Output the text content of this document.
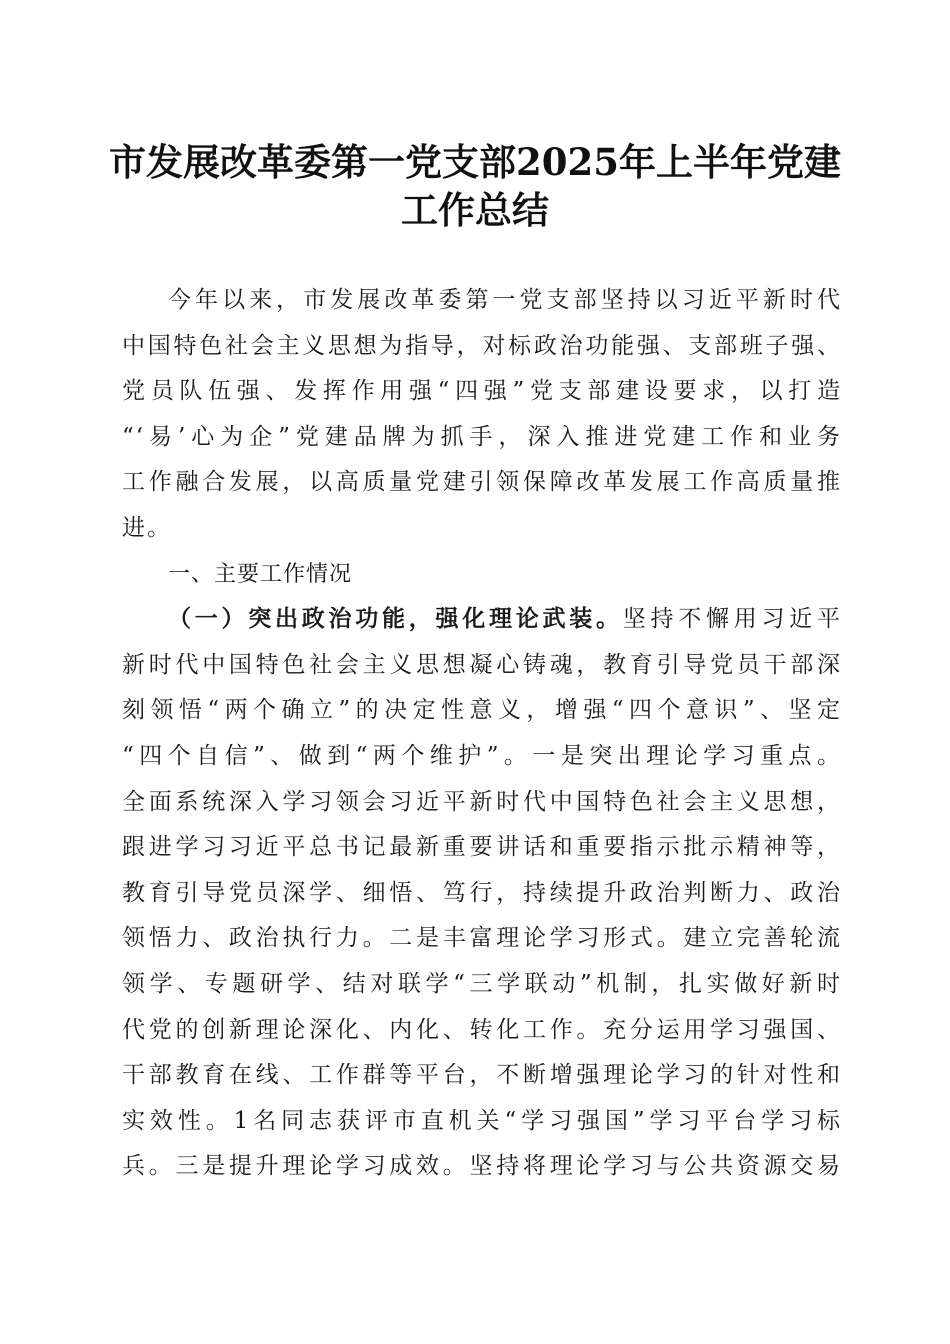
市发展改革委第一党支部2025年上半年党建
工作总结
今年以来，市发展改革委第一党支部坚持以习近平新时代
中国特色社会主义思想为指导，对标政治功能强、支部班子强、
党员队伍强、发挥作用强“四强”党支部建设要求，以打造
“‘易’心为企”党建品牌为抓手，深入推进党建工作和业务
工作融合发展，以高质量党建引领保障改革发展工作高质量推
进。
一、主要工作情况
（一）突出政治功能，强化理论武装。坚持不懈用习近平
新时代中国特色社会主义思想凝心铸魂，教育引导党员干部深
刻领悟“两个确立”的决定性意义，增强“四个意识”、坚定
“四个自信”、做到“两个维护”。一是突出理论学习重点。
全面系统深入学习领会习近平新时代中国特色社会主义思想，
跟进学习习近平总书记最新重要讲话和重要指示批示精神等，
教育引导党员深学、细悟、笃行，持续提升政治判断力、政治
领悟力、政治执行力。二是丰富理论学习形式。建立完善轮流
领学、专题研学、结对联学“三学联动”机制，扎实做好新时
代党的创新理论深化、内化、转化工作。充分运用学习强国、
干部教育在线、工作群等平台，不断增强理论学习的针对性和
实效性。1名同志获评市直机关“学习强国”学习平台学习标
兵。三是提升理论学习成效。坚持将理论学习与公共资源交易
